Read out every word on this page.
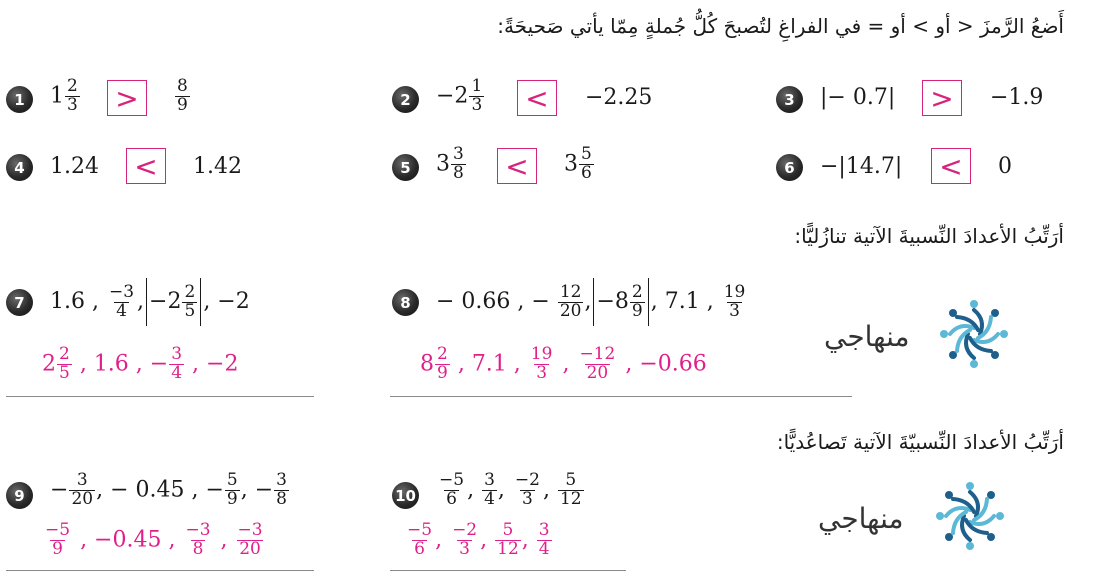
أَضعُ الرَّمزَ < أو > أو = في الفراغِ لتُصبحَ كُلُّ جُملةٍ مِمّا يأتي صَحيحَةً:
أرَتِّبُ الأعدادَ النِّسبيةَ الآتية تنازُليًّا:
أرَتِّبُ الأعدادَ النِّسبيّةَ الآتية تَصاعُديًّا:
1	$1 \frac{2}{3}$ >	$\frac{8}{9}$	2	$-2 \frac{1}{3}$ <	−2.25	3	|− 0.7| >	−1.9
4	1.24 <	1.42	5	$3 \frac{3}{8}$ <	$3 \frac{5}{6}$	6	−|14.7| <	0
7	1.6 , $\frac{-3}{4}$ , $-2 \frac{2}{5}$ , −2
$2 \frac{2}{5}$ , 1.6 , − $\frac{3}{4}$ , −2
8	− 0.66 , − $\frac{12}{20}$ , $-8 \frac{2}{9}$ , 7.1 , $\frac{19}{3}$
$8 \frac{2}{9}$ , 7.1 , $\frac{19}{3}$ , $\frac{-12}{20}$ , −0.66
9	− $\frac{3}{20}$ , − 0.45 , − $\frac{5}{9}$ , − $\frac{3}{8}$
$\frac{-5}{9}$ , −0.45 , $\frac{-3}{8}$ , $\frac{-3}{20}$
$10 \frac{-5}{6}$ , $\frac{3}{4}$ , $\frac{-2}{3}$ , $\frac{5}{12}$
$\frac{-5}{6}$ , $\frac{-2}{3}$ , $\frac{5}{12}$ , $\frac{3}{4}$
منهاجي
منهاجي
